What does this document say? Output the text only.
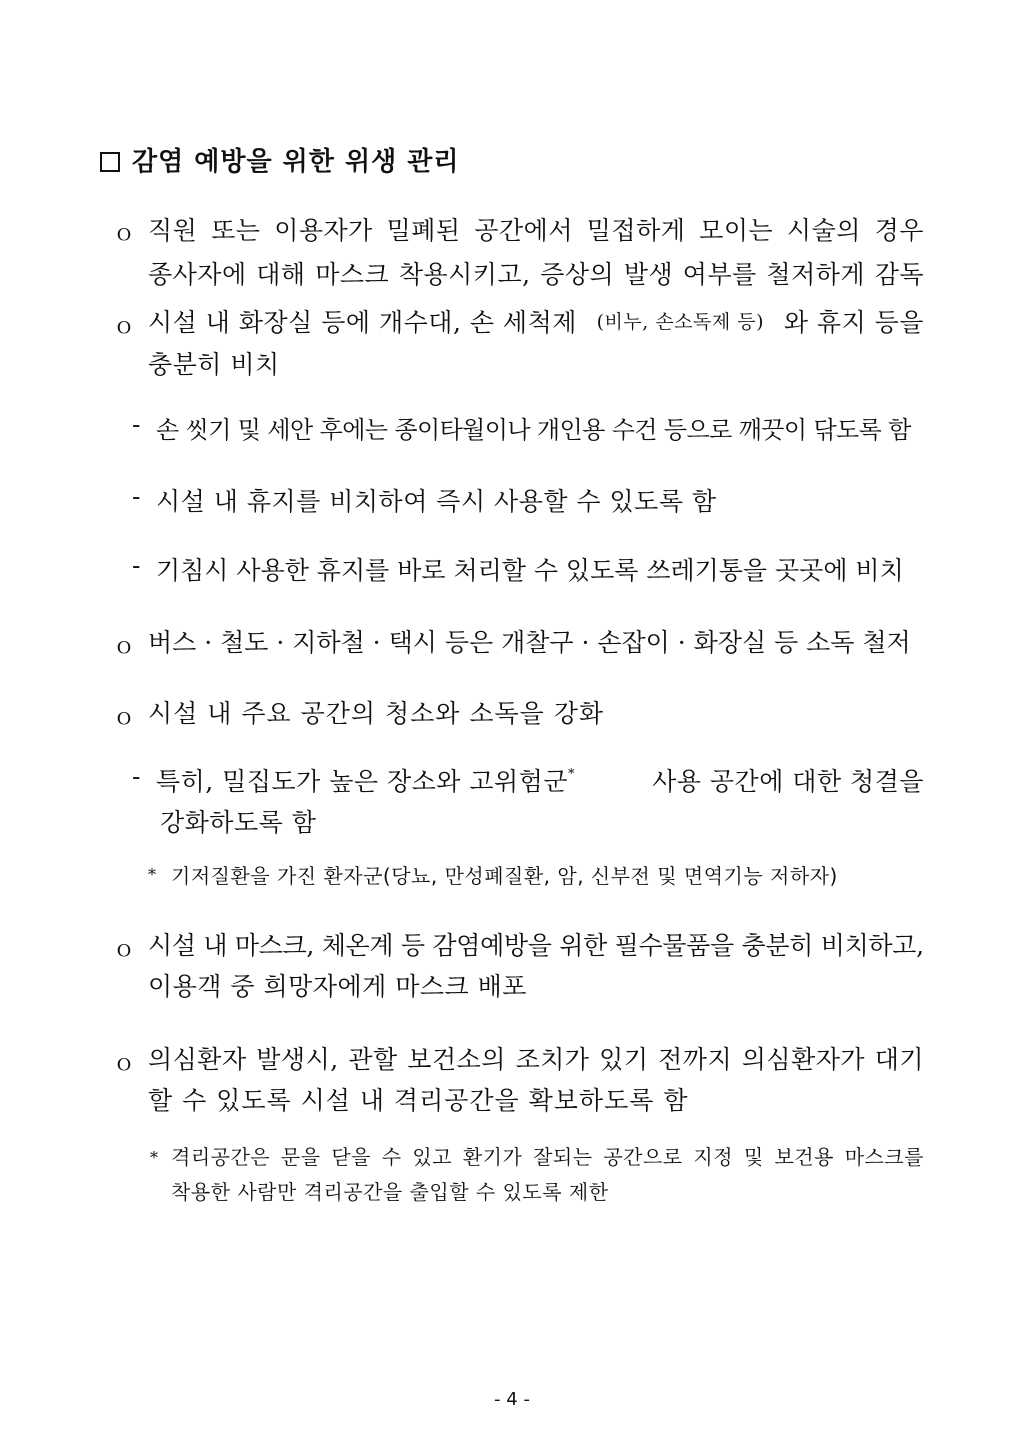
감염 예방을 위한 위생 관리
ｏ 직원 또는 이용자가 밀폐된 공간에서 밀접하게 모이는 시술의 경우
종사자에 대해 마스크 착용시키고, 증상의 발생 여부를 철저하게 감독
ｏ 시설 내 화장실 등에 개수대, 손 세척제 (비누, 손소독제 등) 와 휴지 등을
충분히 비치
- 손 씻기 및 세안 후에는 종이타월이나 개인용 수건 등으로 깨끗이 닦도록 함
- 시설 내 휴지를 비치하여 즉시 사용할 수 있도록 함
- 기침시 사용한 휴지를 바로 처리할 수 있도록 쓰레기통을 곳곳에 비치
ｏ 버스 · 철도 · 지하철 · 택시 등은 개찰구 · 손잡이 · 화장실 등 소독 철저
ｏ 시설 내 주요 공간의 청소와 소독을 강화
- 특히, 밀집도가 높은 장소와 고위험군*	사용 공간에 대한 청결을
강화하도록 함
* 기저질환을 가진 환자군(당뇨, 만성폐질환, 암, 신부전 및 면역기능 저하자)
ｏ 시설 내 마스크, 체온계 등 감염예방을 위한 필수물품을 충분히 비치하고,
이용객 중 희망자에게 마스크 배포
ｏ 의심환자 발생시, 관할 보건소의 조치가 있기 전까지 의심환자가 대기
할 수 있도록 시설 내 격리공간을 확보하도록 함
* 격리공간은 문을 닫을 수 있고 환기가 잘되는 공간으로 지정 및 보건용 마스크를
착용한 사람만 격리공간을 출입할 수 있도록 제한
- 4 -
